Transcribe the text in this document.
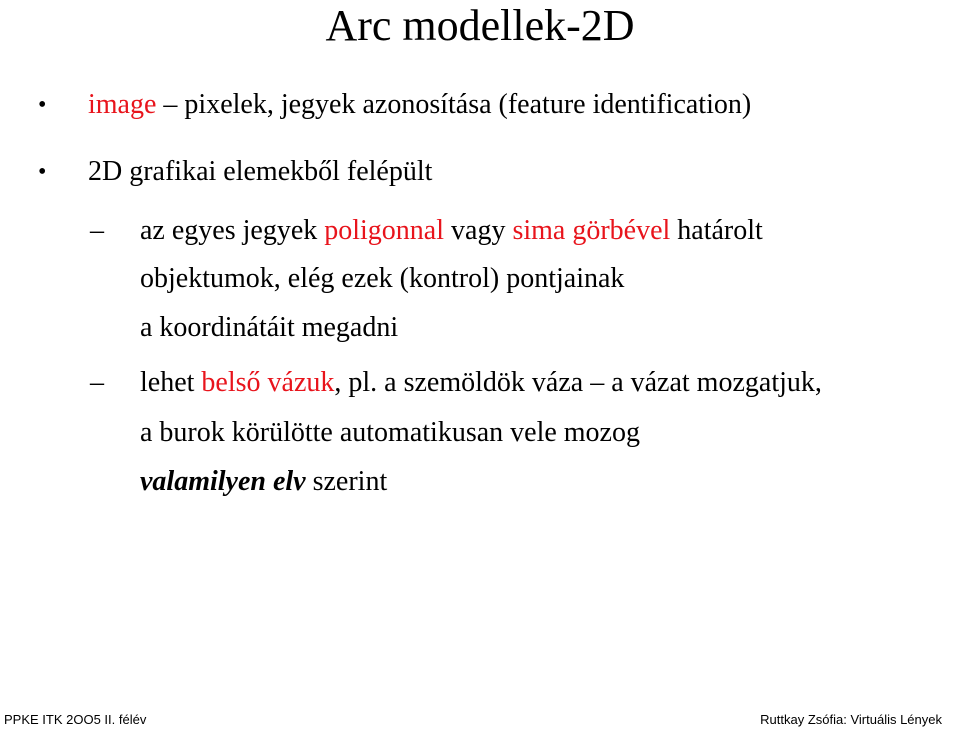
Arc modellek-2D
• image – pixelek, jegyek azonosítása (feature identification)
• 2D grafikai elemekből felépült
– az egyes jegyek poligonnal vagy sima görbével határolt
objektumok, elég ezek (kontrol) pontjainak
a koordinátáit megadni
– lehet belső vázuk, pl. a szemöldök váza – a vázat mozgatjuk,
a burok körülötte automatikusan vele mozog
valamilyen elv szerint
PPKE ITK 2OO5 II. félév	Ruttkay Zsófia: Virtuális Lények
